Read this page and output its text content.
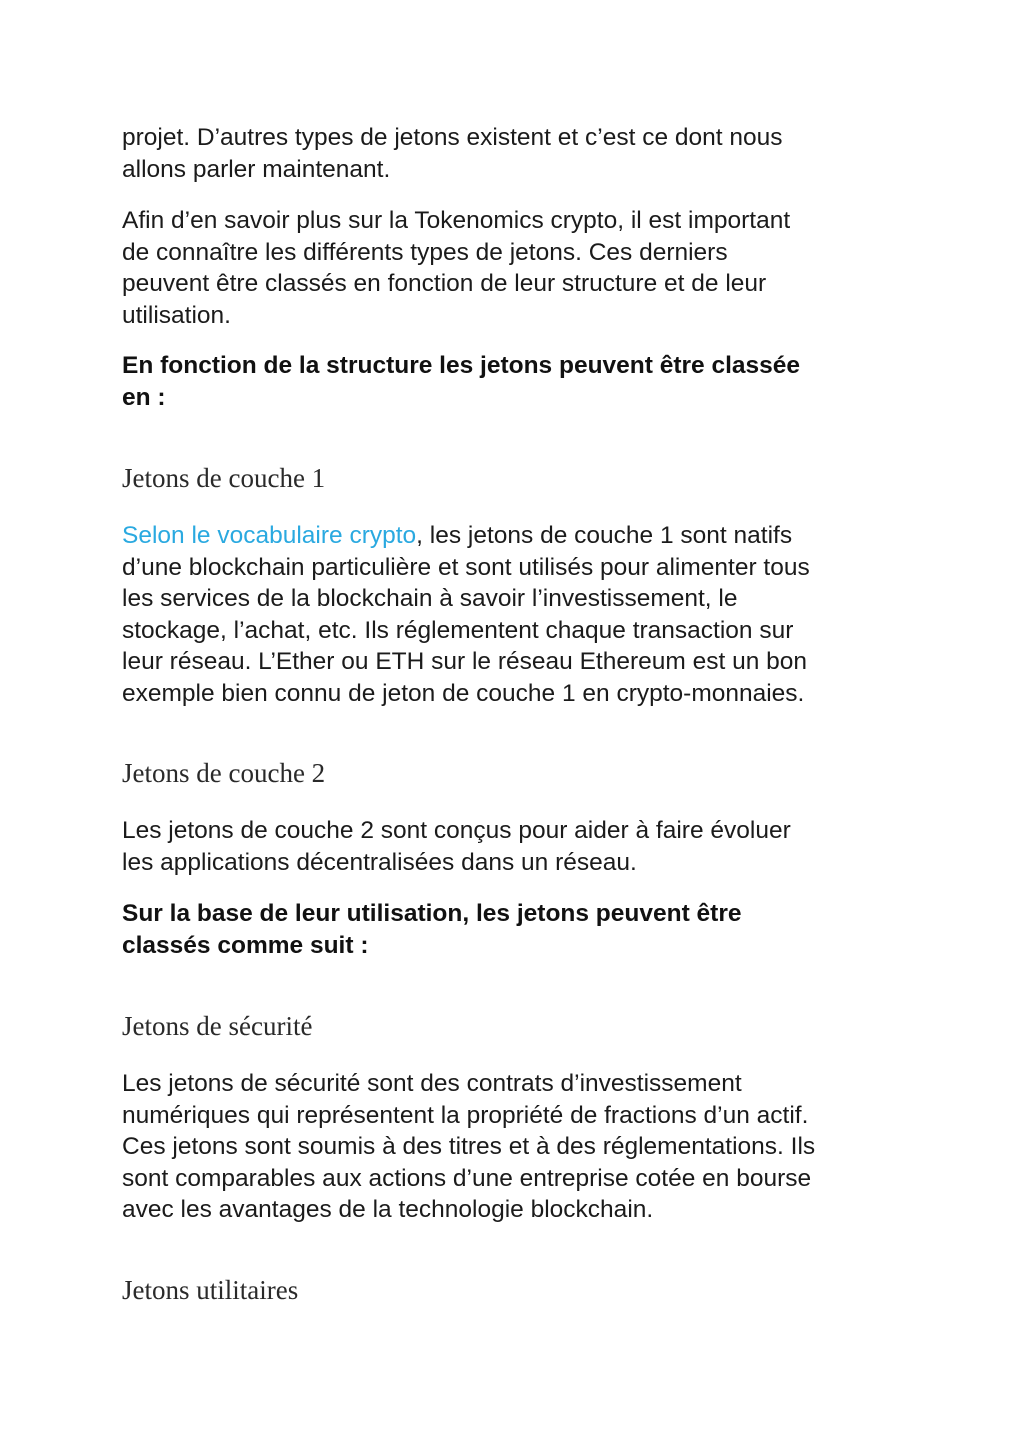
projet. D’autres types de jetons existent et c’est ce dont nous
allons parler maintenant.

Afin d’en savoir plus sur la Tokenomics crypto, il est important
de connaître les différents types de jetons. Ces derniers
peuvent être classés en fonction de leur structure et de leur
utilisation.

En fonction de la structure les jetons peuvent être classée
en :

Jetons de couche 1

Selon le vocabulaire crypto, les jetons de couche 1 sont natifs
d’une blockchain particulière et sont utilisés pour alimenter tous
les services de la blockchain à savoir l’investissement, le
stockage, l’achat, etc. Ils réglementent chaque transaction sur
leur réseau. L’Ether ou ETH sur le réseau Ethereum est un bon
exemple bien connu de jeton de couche 1 en crypto-monnaies.

Jetons de couche 2

Les jetons de couche 2 sont conçus pour aider à faire évoluer
les applications décentralisées dans un réseau.

Sur la base de leur utilisation, les jetons peuvent être
classés comme suit :

Jetons de sécurité

Les jetons de sécurité sont des contrats d’investissement
numériques qui représentent la propriété de fractions d’un actif.
Ces jetons sont soumis à des titres et à des réglementations. Ils
sont comparables aux actions d’une entreprise cotée en bourse
avec les avantages de la technologie blockchain.

Jetons utilitaires
